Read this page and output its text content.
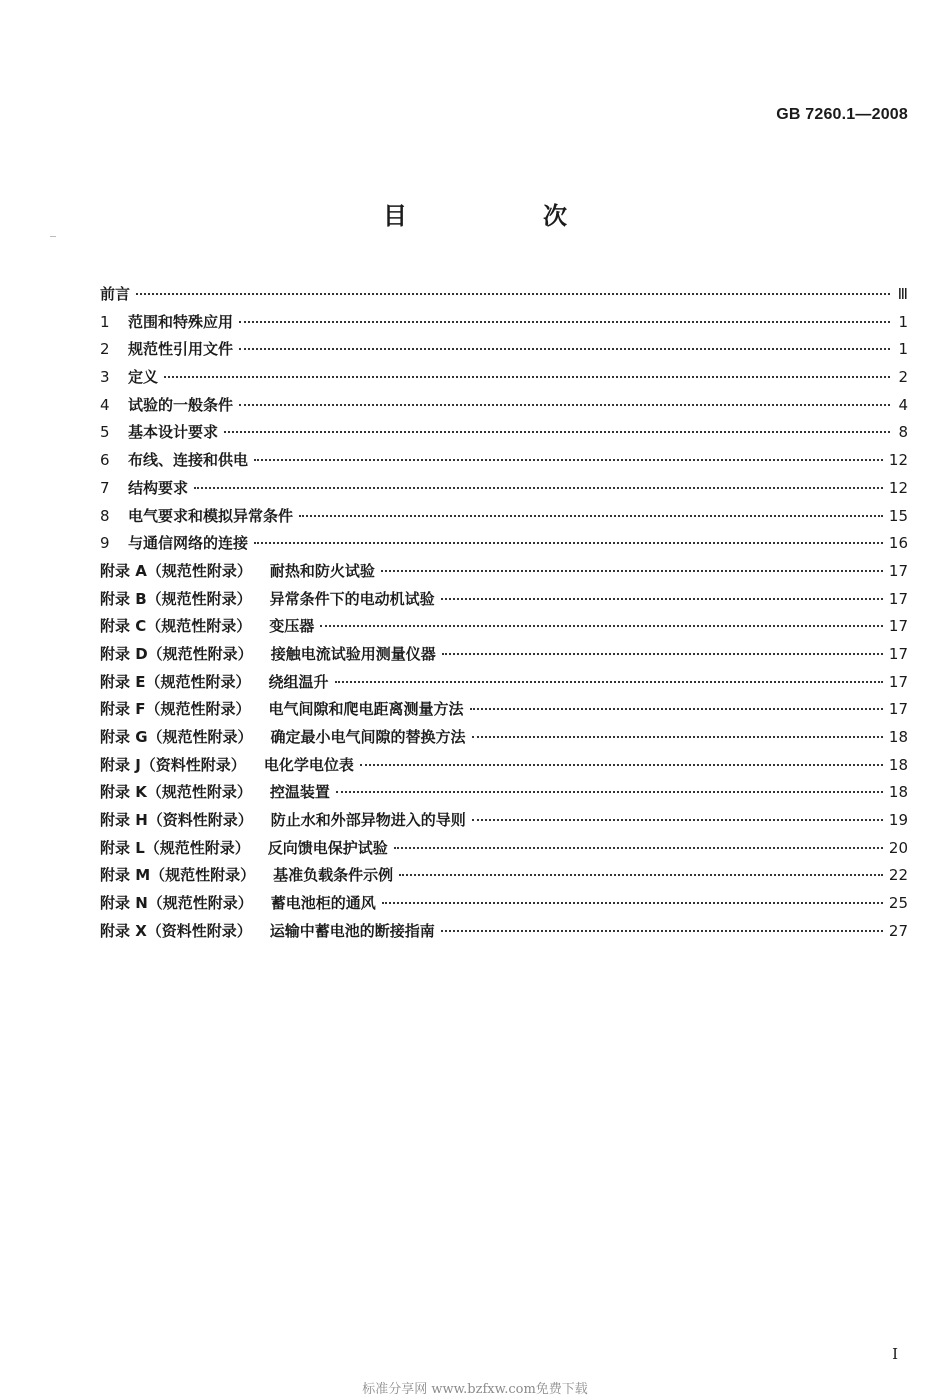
GB 7260.1—2008
目　次
前言	Ⅲ
1	范围和特殊应用	1
2	规范性引用文件	1
3	定义	2
4	试验的一般条件	4
5	基本设计要求	8
6	布线、连接和供电	12
7	结构要求	12
8	电气要求和模拟异常条件	15
9	与通信网络的连接	16
附录 A（规范性附录） 耐热和防火试验	17
附录 B（规范性附录） 异常条件下的电动机试验	17
附录 C（规范性附录） 变压器	17
附录 D（规范性附录） 接触电流试验用测量仪器	17
附录 E（规范性附录） 绕组温升	17
附录 F（规范性附录） 电气间隙和爬电距离测量方法	17
附录 G（规范性附录） 确定最小电气间隙的替换方法	18
附录 J（资料性附录） 电化学电位表	18
附录 K（规范性附录） 控温装置	18
附录 H（资料性附录） 防止水和外部异物进入的导则	19
附录 L（规范性附录） 反向馈电保护试验	20
附录 M（规范性附录） 基准负载条件示例	22
附录 N（规范性附录） 蓄电池柜的通风	25
附录 X（资料性附录） 运输中蓄电池的断接指南	27
I
标准分享网 www.bzfxw.com免费下载
